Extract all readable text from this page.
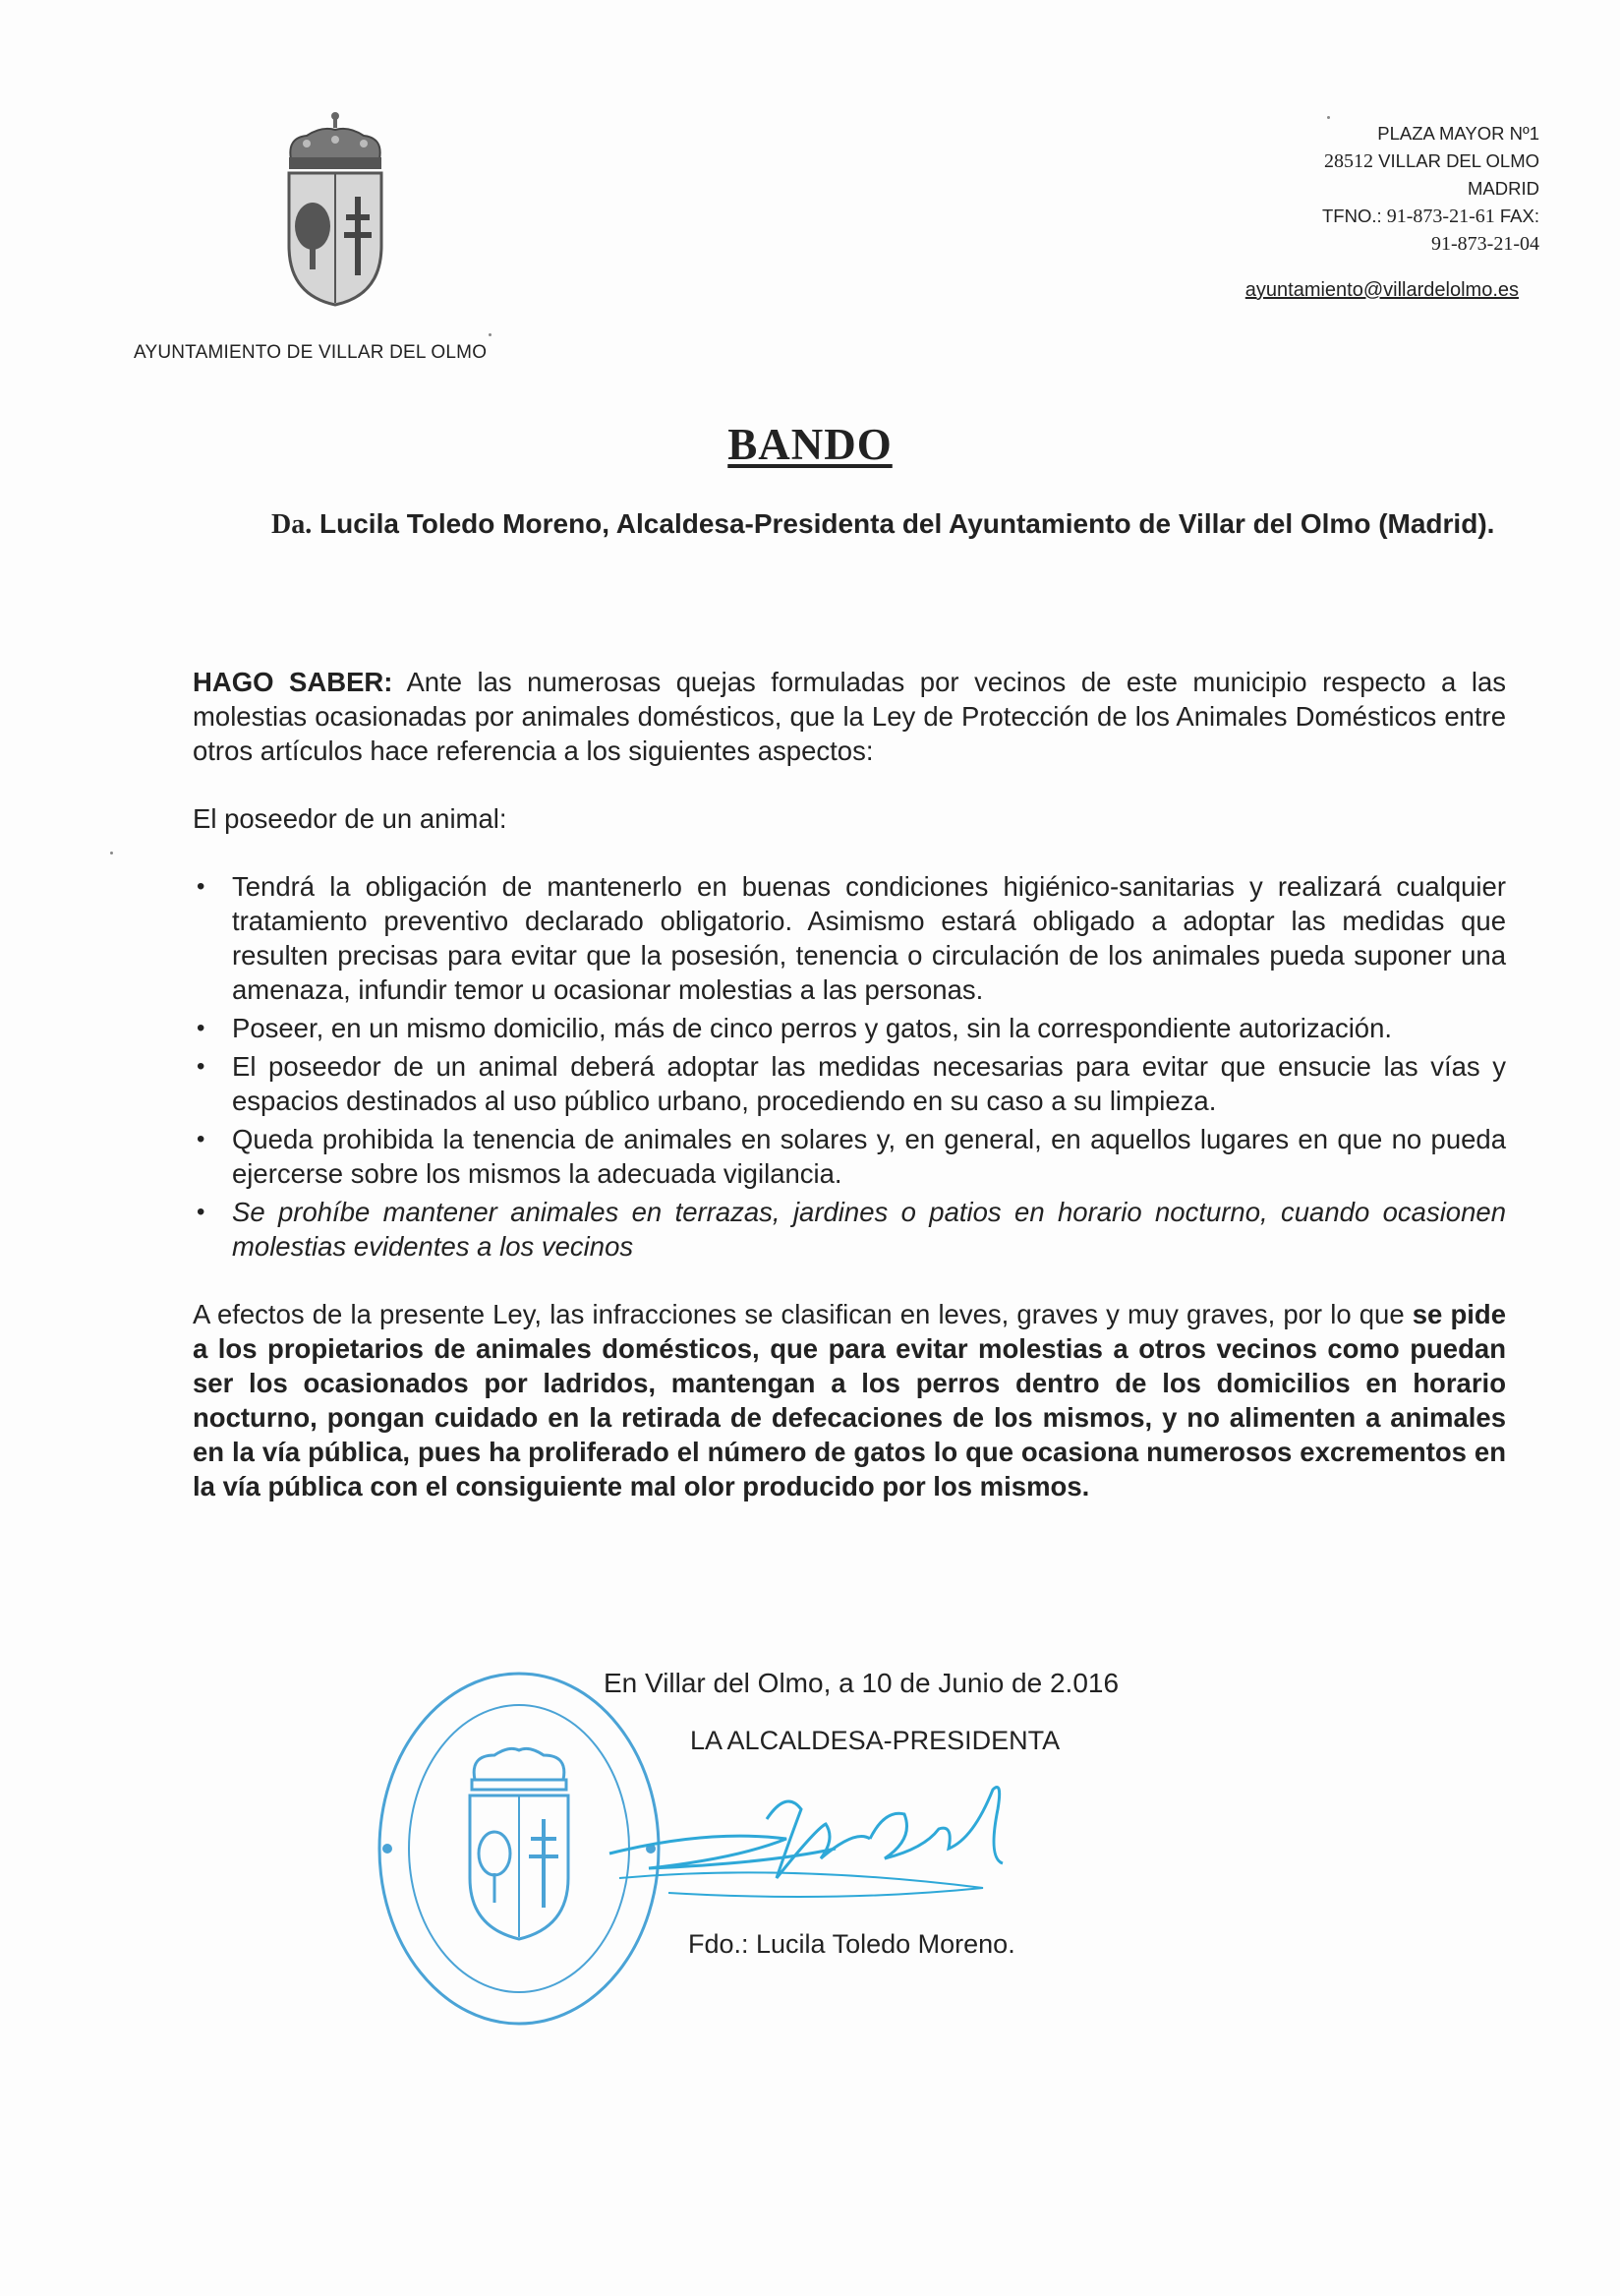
AYUNTAMIENTO DE VILLAR DEL OLMO
PLAZA MAYOR Nº1
28512 VILLAR DEL OLMO
MADRID
TFNO.: 91-873-21-61 FAX:
91-873-21-04
ayuntamiento@villardelolmo.es
BANDO
Da. Lucila Toledo Moreno, Alcaldesa-Presidenta del Ayuntamiento de Villar del Olmo (Madrid).

HAGO SABER: Ante las numerosas quejas formuladas por vecinos de este municipio respecto a las molestias ocasionadas por animales domésticos, que la Ley de Protección de los Animales Domésticos entre otros artículos hace referencia a los siguientes aspectos:

El poseedor de un animal:

• Tendrá la obligación de mantenerlo en buenas condiciones higiénico-sanitarias y realizará cualquier tratamiento preventivo declarado obligatorio. Asimismo estará obligado a adoptar las medidas que resulten precisas para evitar que la posesión, tenencia o circulación de los animales pueda suponer una amenaza, infundir temor u ocasionar molestias a las personas.
• Poseer, en un mismo domicilio, más de cinco perros y gatos, sin la correspondiente autorización.
• El poseedor de un animal deberá adoptar las medidas necesarias para evitar que ensucie las vías y espacios destinados al uso público urbano, procediendo en su caso a su limpieza.
• Queda prohibida la tenencia de animales en solares y, en general, en aquellos lugares en que no pueda ejercerse sobre los mismos la adecuada vigilancia.
• Se prohíbe mantener animales en terrazas, jardines o patios en horario nocturno, cuando ocasionen molestias evidentes a los vecinos

A efectos de la presente Ley, las infracciones se clasifican en leves, graves y muy graves, por lo que se pide a los propietarios de animales domésticos, que para evitar molestias a otros vecinos como puedan ser los ocasionados por ladridos, mantengan a los perros dentro de los domicilios en horario nocturno, pongan cuidado en la retirada de defecaciones de los mismos, y no alimenten a animales en la vía pública, pues ha proliferado el número de gatos lo que ocasiona numerosos excrementos en la vía pública con el consiguiente mal olor producido por los mismos.

En Villar del Olmo, a 10 de Junio de 2.016
LA ALCALDESA-PRESIDENTA
Fdo.: Lucila Toledo Moreno.
